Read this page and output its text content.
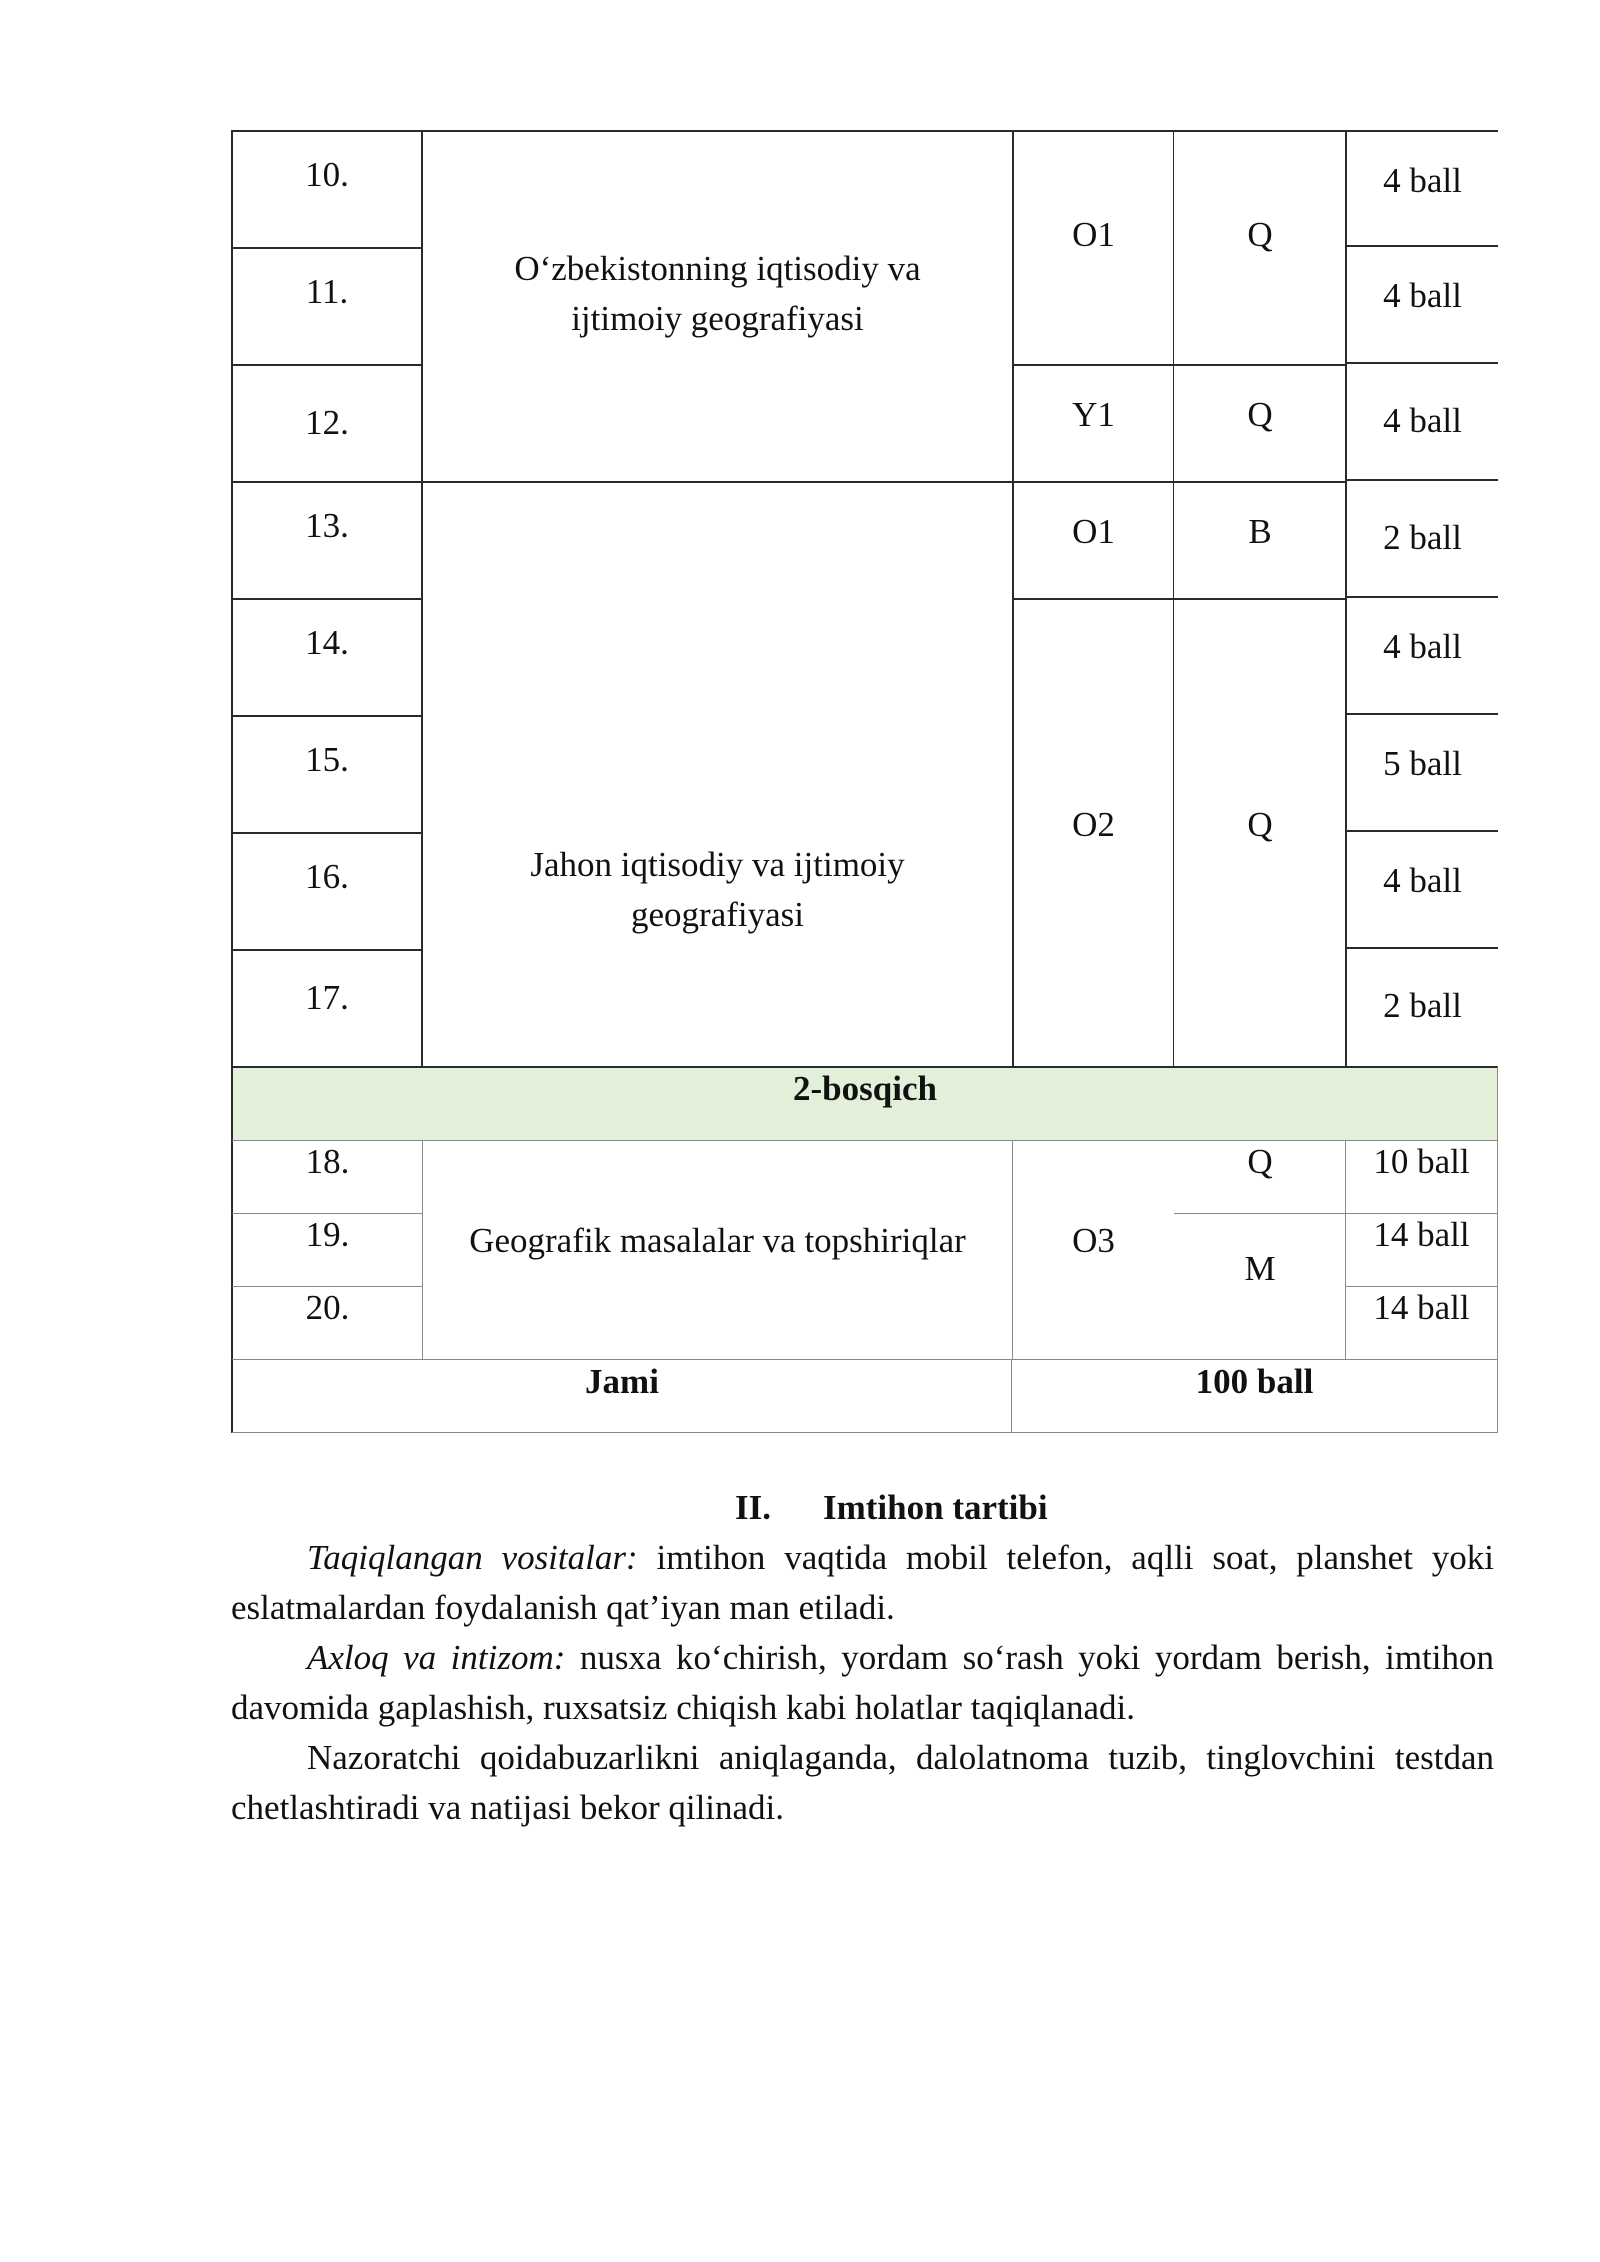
10.
11.
12.
13.
14.
15.
16.
17.
O‘zbekistonning iqtisodiy va
ijtimoiy geografiyasi
Jahon iqtisodiy va ijtimoiy
geografiyasi
O1
Y1
O1
O2
Q
Q
B
Q
4 ball
4 ball
4 ball
2 ball
4 ball
5 ball
4 ball
2 ball
2-bosqich
18.
19.
20.
Geografik masalalar va topshiriqlar	O3
Q
M
10 ball
14 ball
14 ball
Jami	100 ball
II. Imtihon tartibi

Taqiqlangan vositalar: imtihon vaqtida mobil telefon, aqlli soat, planshet yoki eslatmalardan foydalanish qat’iyan man etiladi.

Axloq va intizom: nusxa ko‘chirish, yordam so‘rash yoki yordam berish, imtihon davomida gaplashish, ruxsatsiz chiqish kabi holatlar taqiqlanadi.

Nazoratchi qoidabuzarlikni aniqlaganda, dalolatnoma tuzib, tinglovchini testdan chetlashtiradi va natijasi bekor qilinadi.
